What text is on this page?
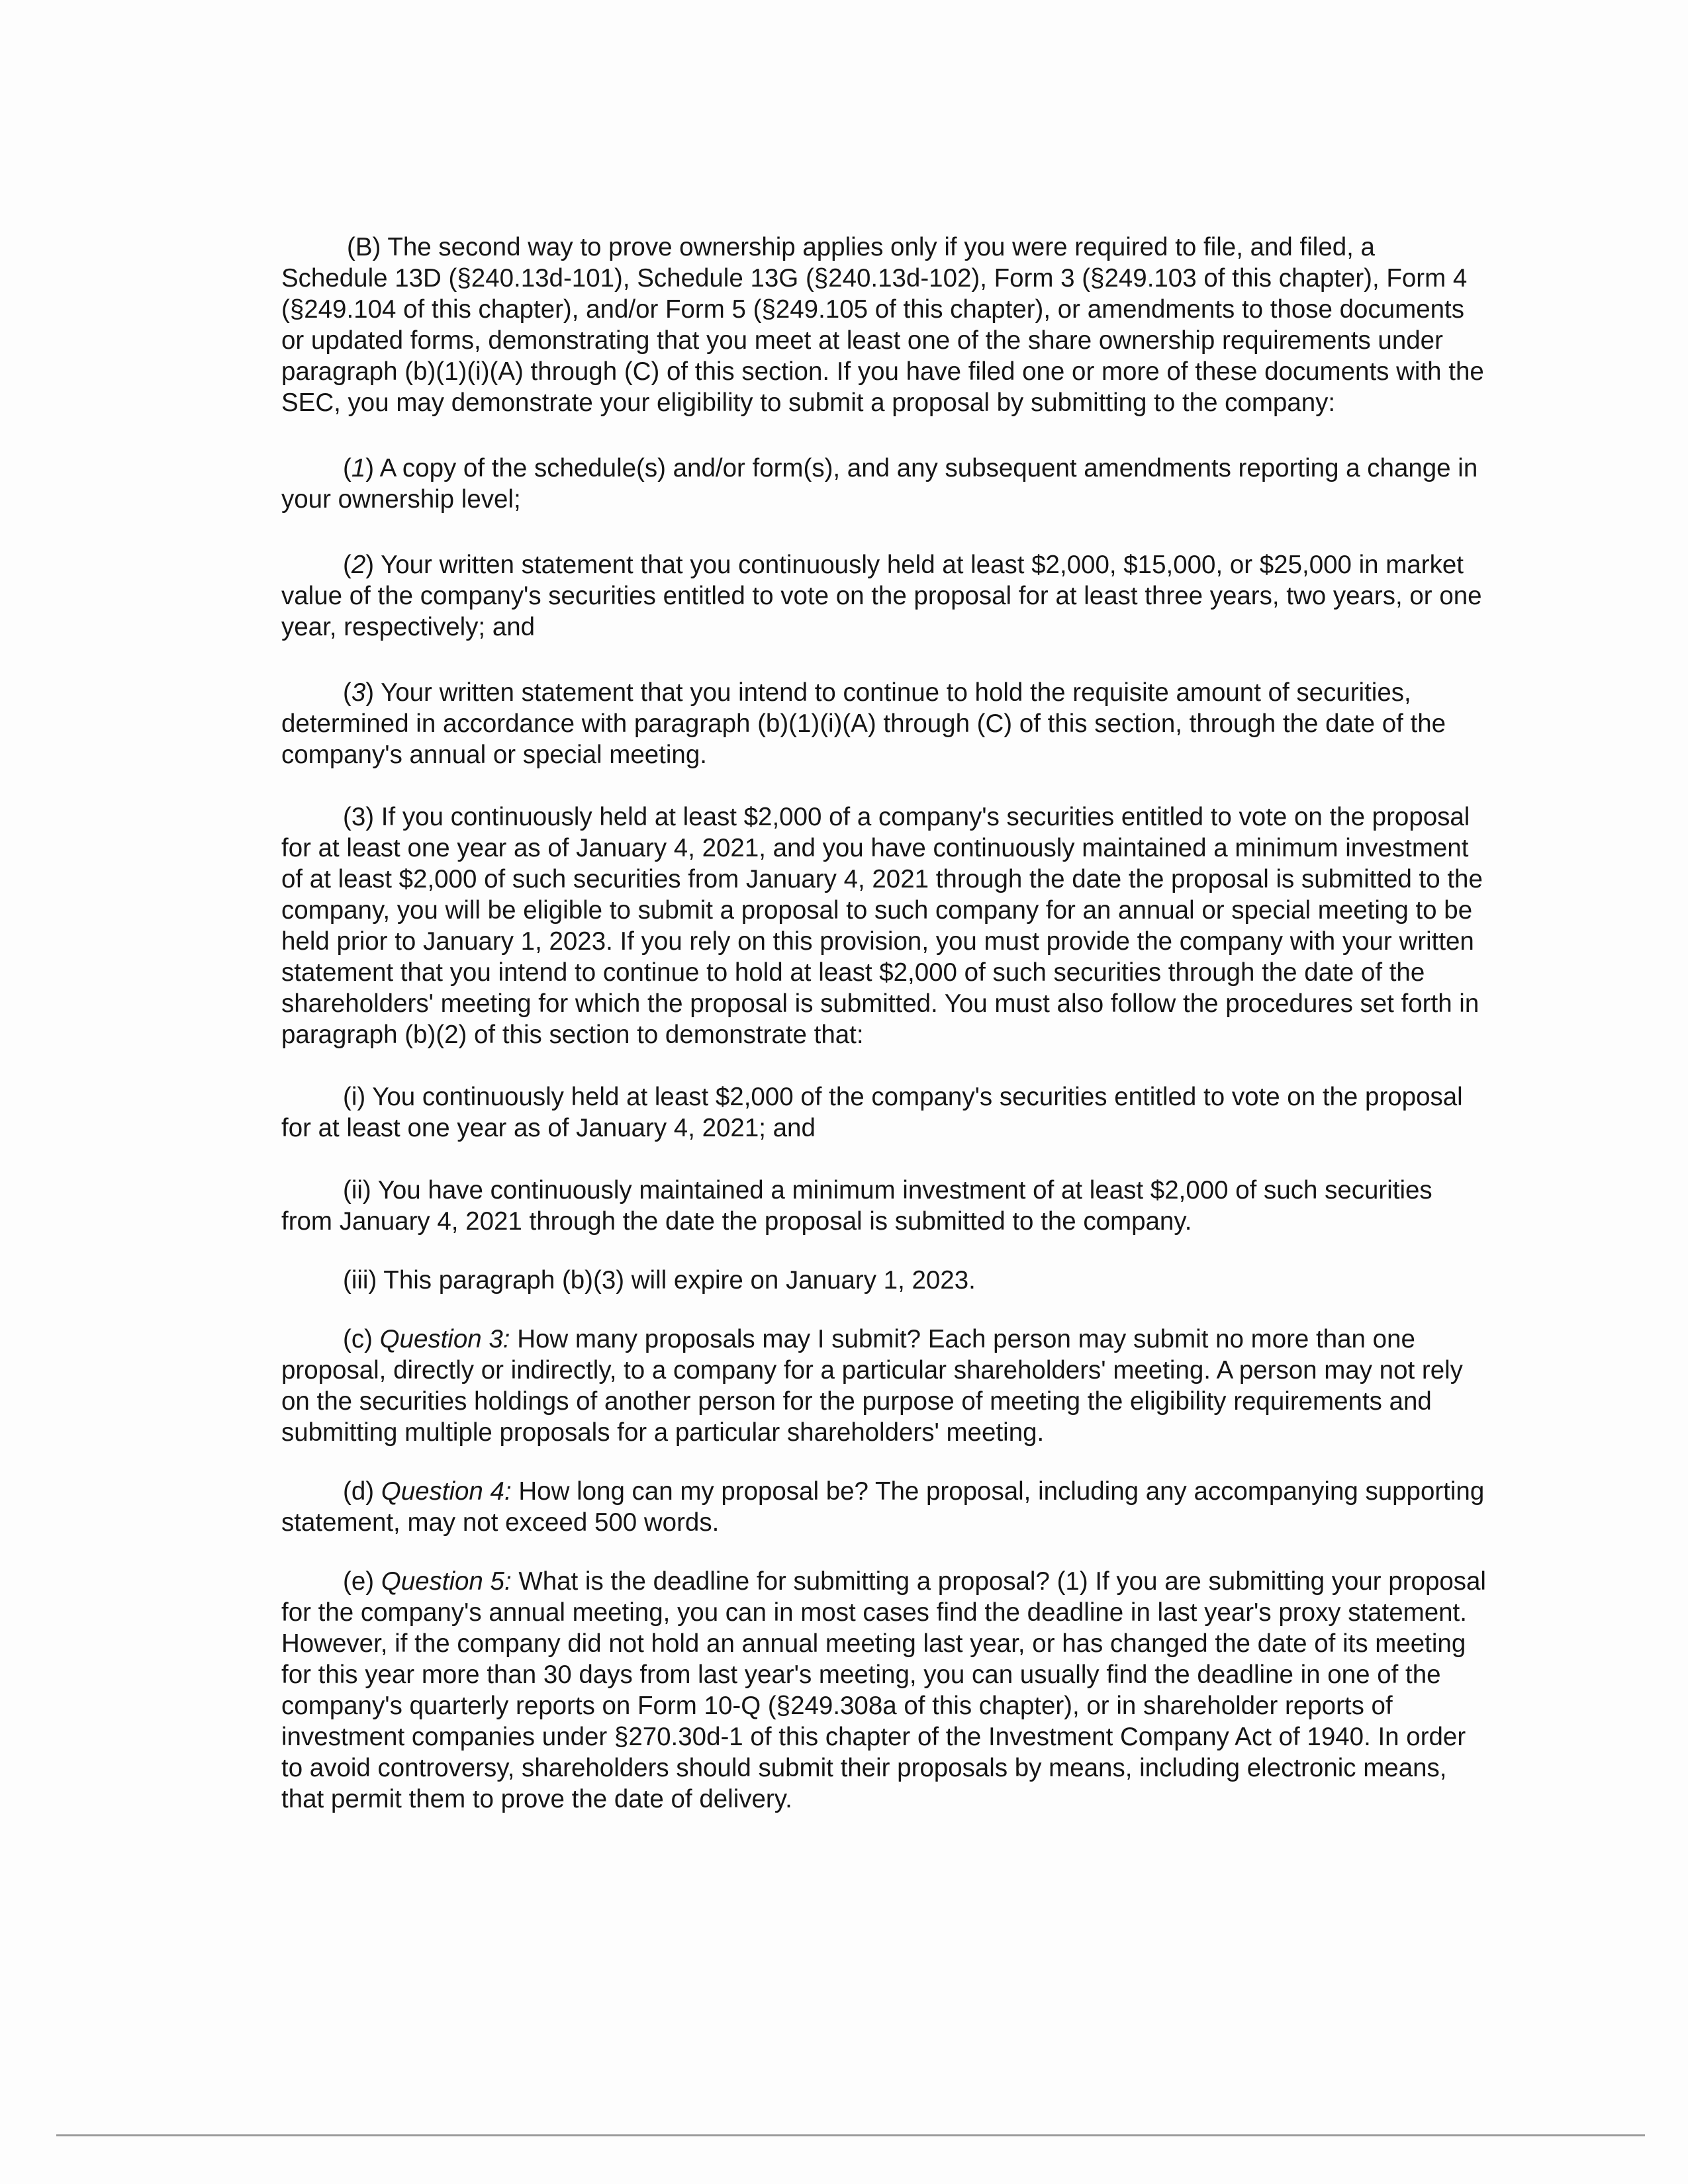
(B) The second way to prove ownership applies only if you were required to file, and filed, a Schedule 13D (§240.13d-101), Schedule 13G (§240.13d-102), Form 3 (§249.103 of this chapter), Form 4 (§249.104 of this chapter), and/or Form 5 (§249.105 of this chapter), or amendments to those documents or updated forms, demonstrating that you meet at least one of the share ownership requirements under paragraph (b)(1)(i)(A) through (C) of this section. If you have filed one or more of these documents with the SEC, you may demonstrate your eligibility to submit a proposal by submitting to the company:

(1) A copy of the schedule(s) and/or form(s), and any subsequent amendments reporting a change in your ownership level;

(2) Your written statement that you continuously held at least $2,000, $15,000, or $25,000 in market value of the company's securities entitled to vote on the proposal for at least three years, two years, or one year, respectively; and

(3) Your written statement that you intend to continue to hold the requisite amount of securities, determined in accordance with paragraph (b)(1)(i)(A) through (C) of this section, through the date of the company's annual or special meeting.

(3) If you continuously held at least $2,000 of a company's securities entitled to vote on the proposal for at least one year as of January 4, 2021, and you have continuously maintained a minimum investment of at least $2,000 of such securities from January 4, 2021 through the date the proposal is submitted to the company, you will be eligible to submit a proposal to such company for an annual or special meeting to be held prior to January 1, 2023. If you rely on this provision, you must provide the company with your written statement that you intend to continue to hold at least $2,000 of such securities through the date of the shareholders' meeting for which the proposal is submitted. You must also follow the procedures set forth in paragraph (b)(2) of this section to demonstrate that:

(i) You continuously held at least $2,000 of the company's securities entitled to vote on the proposal for at least one year as of January 4, 2021; and

(ii) You have continuously maintained a minimum investment of at least $2,000 of such securities from January 4, 2021 through the date the proposal is submitted to the company.

(iii) This paragraph (b)(3) will expire on January 1, 2023.

(c) Question 3: How many proposals may I submit? Each person may submit no more than one proposal, directly or indirectly, to a company for a particular shareholders' meeting. A person may not rely on the securities holdings of another person for the purpose of meeting the eligibility requirements and submitting multiple proposals for a particular shareholders' meeting.

(d) Question 4: How long can my proposal be? The proposal, including any accompanying supporting statement, may not exceed 500 words.

(e) Question 5: What is the deadline for submitting a proposal? (1) If you are submitting your proposal for the company's annual meeting, you can in most cases find the deadline in last year's proxy statement. However, if the company did not hold an annual meeting last year, or has changed the date of its meeting for this year more than 30 days from last year's meeting, you can usually find the deadline in one of the company's quarterly reports on Form 10-Q (§249.308a of this chapter), or in shareholder reports of investment companies under §270.30d-1 of this chapter of the Investment Company Act of 1940. In order to avoid controversy, shareholders should submit their proposals by means, including electronic means, that permit them to prove the date of delivery.
